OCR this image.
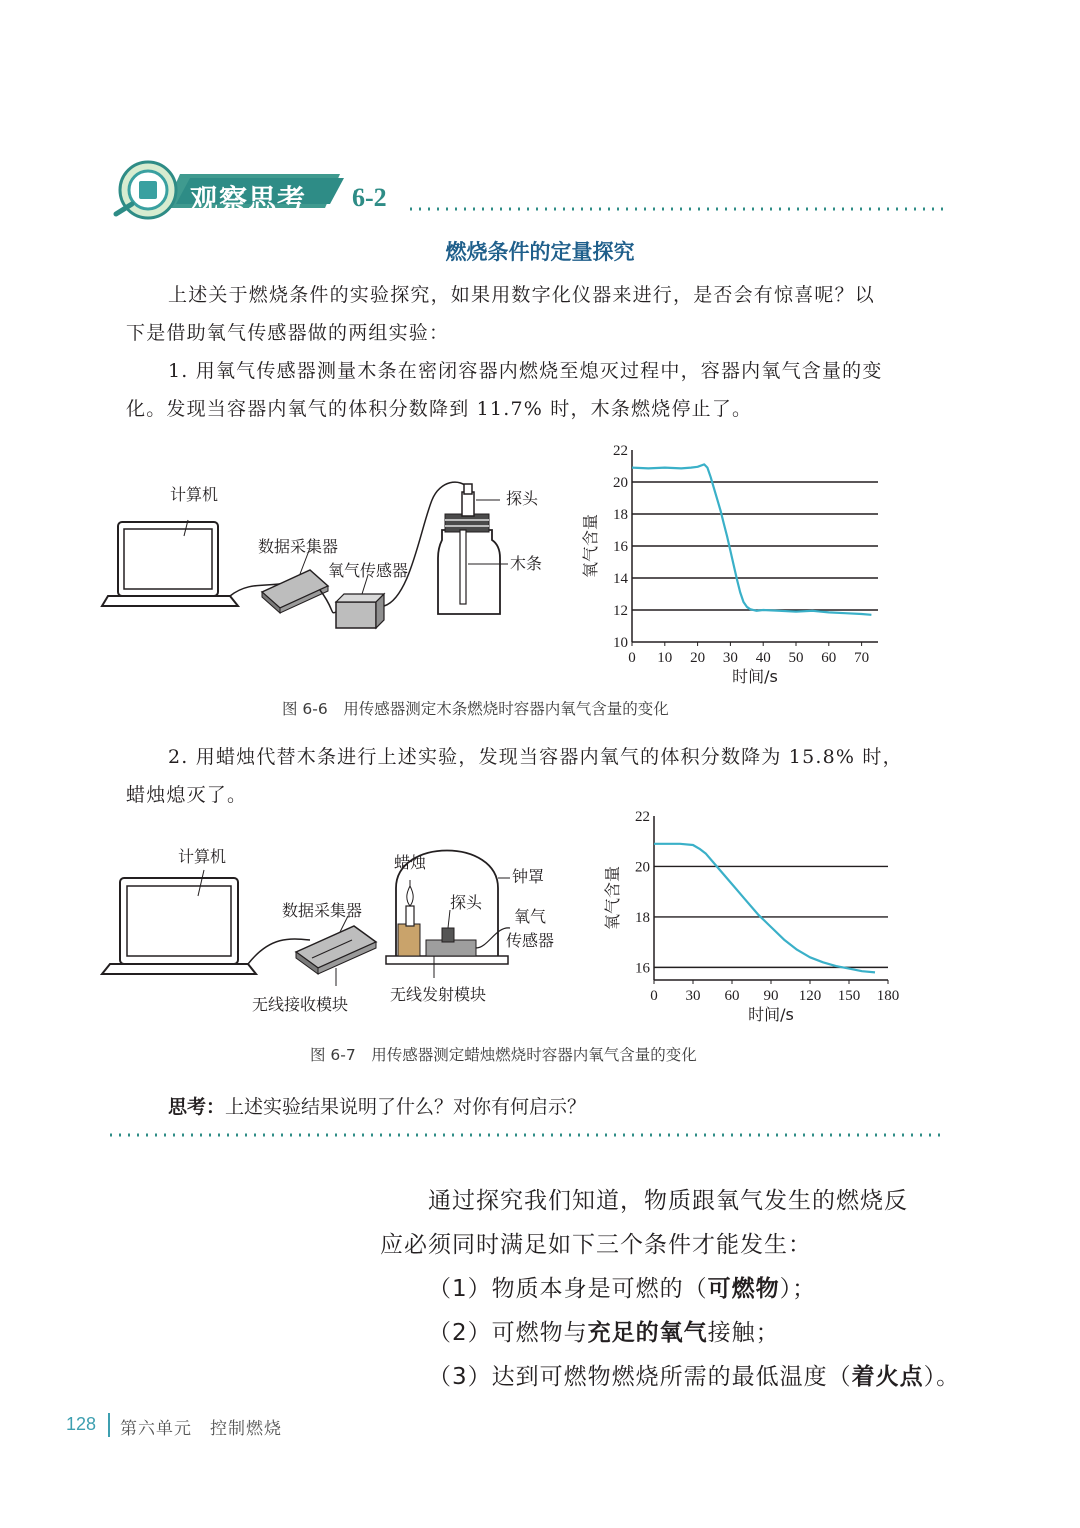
观察思考 6-2
燃烧条件的定量探究
上述关于燃烧条件的实验探究，如果用数字化仪器来进行，是否会有惊喜呢？以
下是借助氧气传感器做的两组实验：
1. 用氧气传感器测量木条在密闭容器内燃烧至熄灭过程中，容器内氧气含量的变
化。发现当容器内氧气的体积分数降到 11.7% 时，木条燃烧停止了。
计算机
数据采集器
氧气传感器
探头
木条
10
12
14
16
18
20
22
0 10 20 30 40 50 60 70
时间/s
氧气含量
图 6-6　用传感器测定木条燃烧时容器内氧气含量的变化
2. 用蜡烛代替木条进行上述实验，发现当容器内氧气的体积分数降为 15.8% 时，
蜡烛熄灭了。
计算机
数据采集器
无线接收模块
蜡烛
钟罩
探头
氧气
传感器
无线发射模块
16
18
20
22
0 30 60 90 120 150 180
时间/s
氧气含量
图 6-7　用传感器测定蜡烛燃烧时容器内氧气含量的变化
思考：上述实验结果说明了什么？对你有何启示？
通过探究我们知道，物质跟氧气发生的燃烧反
应必须同时满足如下三个条件才能发生：
（1）物质本身是可燃的（可燃物）；
（2）可燃物与充足的氧气接触；
（3）达到可燃物燃烧所需的最低温度（着火点）。
128 第六单元　控制燃烧
